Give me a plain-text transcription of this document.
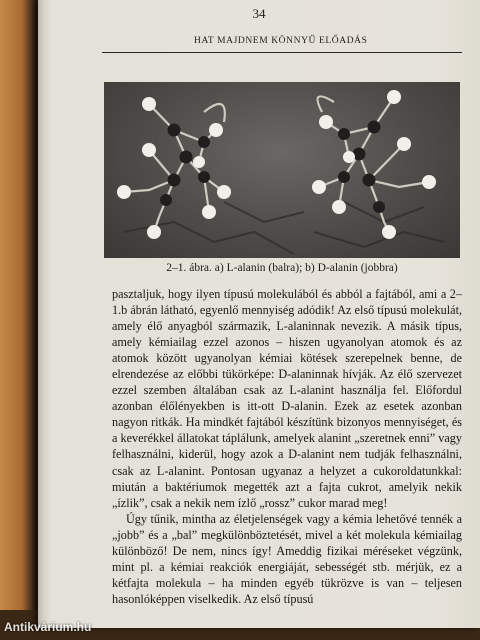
34
HAT MAJDNEM KÖNNYŰ ELŐADÁS
2–1. ábra. a) L-alanin (balra); b) D-alanin (jobbra)

pasztaljuk, hogy ilyen típusú molekulából és abból a fajtából, ami a 2–1.b ábrán látható, egyenlő mennyiség adódik! Az első típusú molekulát, amely élő anyagból származik, L-alaninnak nevezik. A másik típus, amely kémiailag ezzel azonos – hiszen ugyanolyan atomok és az atomok között ugyanolyan kémiai kötések szerepelnek benne, de elrendezése az előbbi tükörképe: D-alaninnak hívják. Az élő szervezet ezzel szemben általában csak az L-alanint használja fel. Előfordul azonban élőlényekben is itt-ott D-alanin. Ezek az esetek azonban nagyon ritkák. Ha mindkét fajtából készítünk bizonyos mennyiséget, és a keverékkel állatokat táplálunk, amelyek alanint „szeretnek enni” vagy felhasználni, kiderül, hogy azok a D-alanint nem tudják felhasználni, csak az L-alanint. Pontosan ugyanaz a helyzet a cukoroldatunkkal: miután a baktériumok megették azt a fajta cukrot, amelyik nekik „ízlik”, csak a nekik nem ízlő „rossz” cukor marad meg!

Úgy tűnik, mintha az életjelenségek vagy a kémia lehetővé tennék a „jobb” és a „bal” megkülönböztetését, mivel a két molekula kémiailag különböző! De nem, nincs így! Ameddig fizikai méréseket végzünk, mint pl. a kémiai reakciók energiáját, sebességét stb. mérjük, ez a kétfajta molekula – ha minden egyéb tükrözve is van – teljesen hasonlóképpen viselkedik. Az első típusú

Antikvárium.hu
